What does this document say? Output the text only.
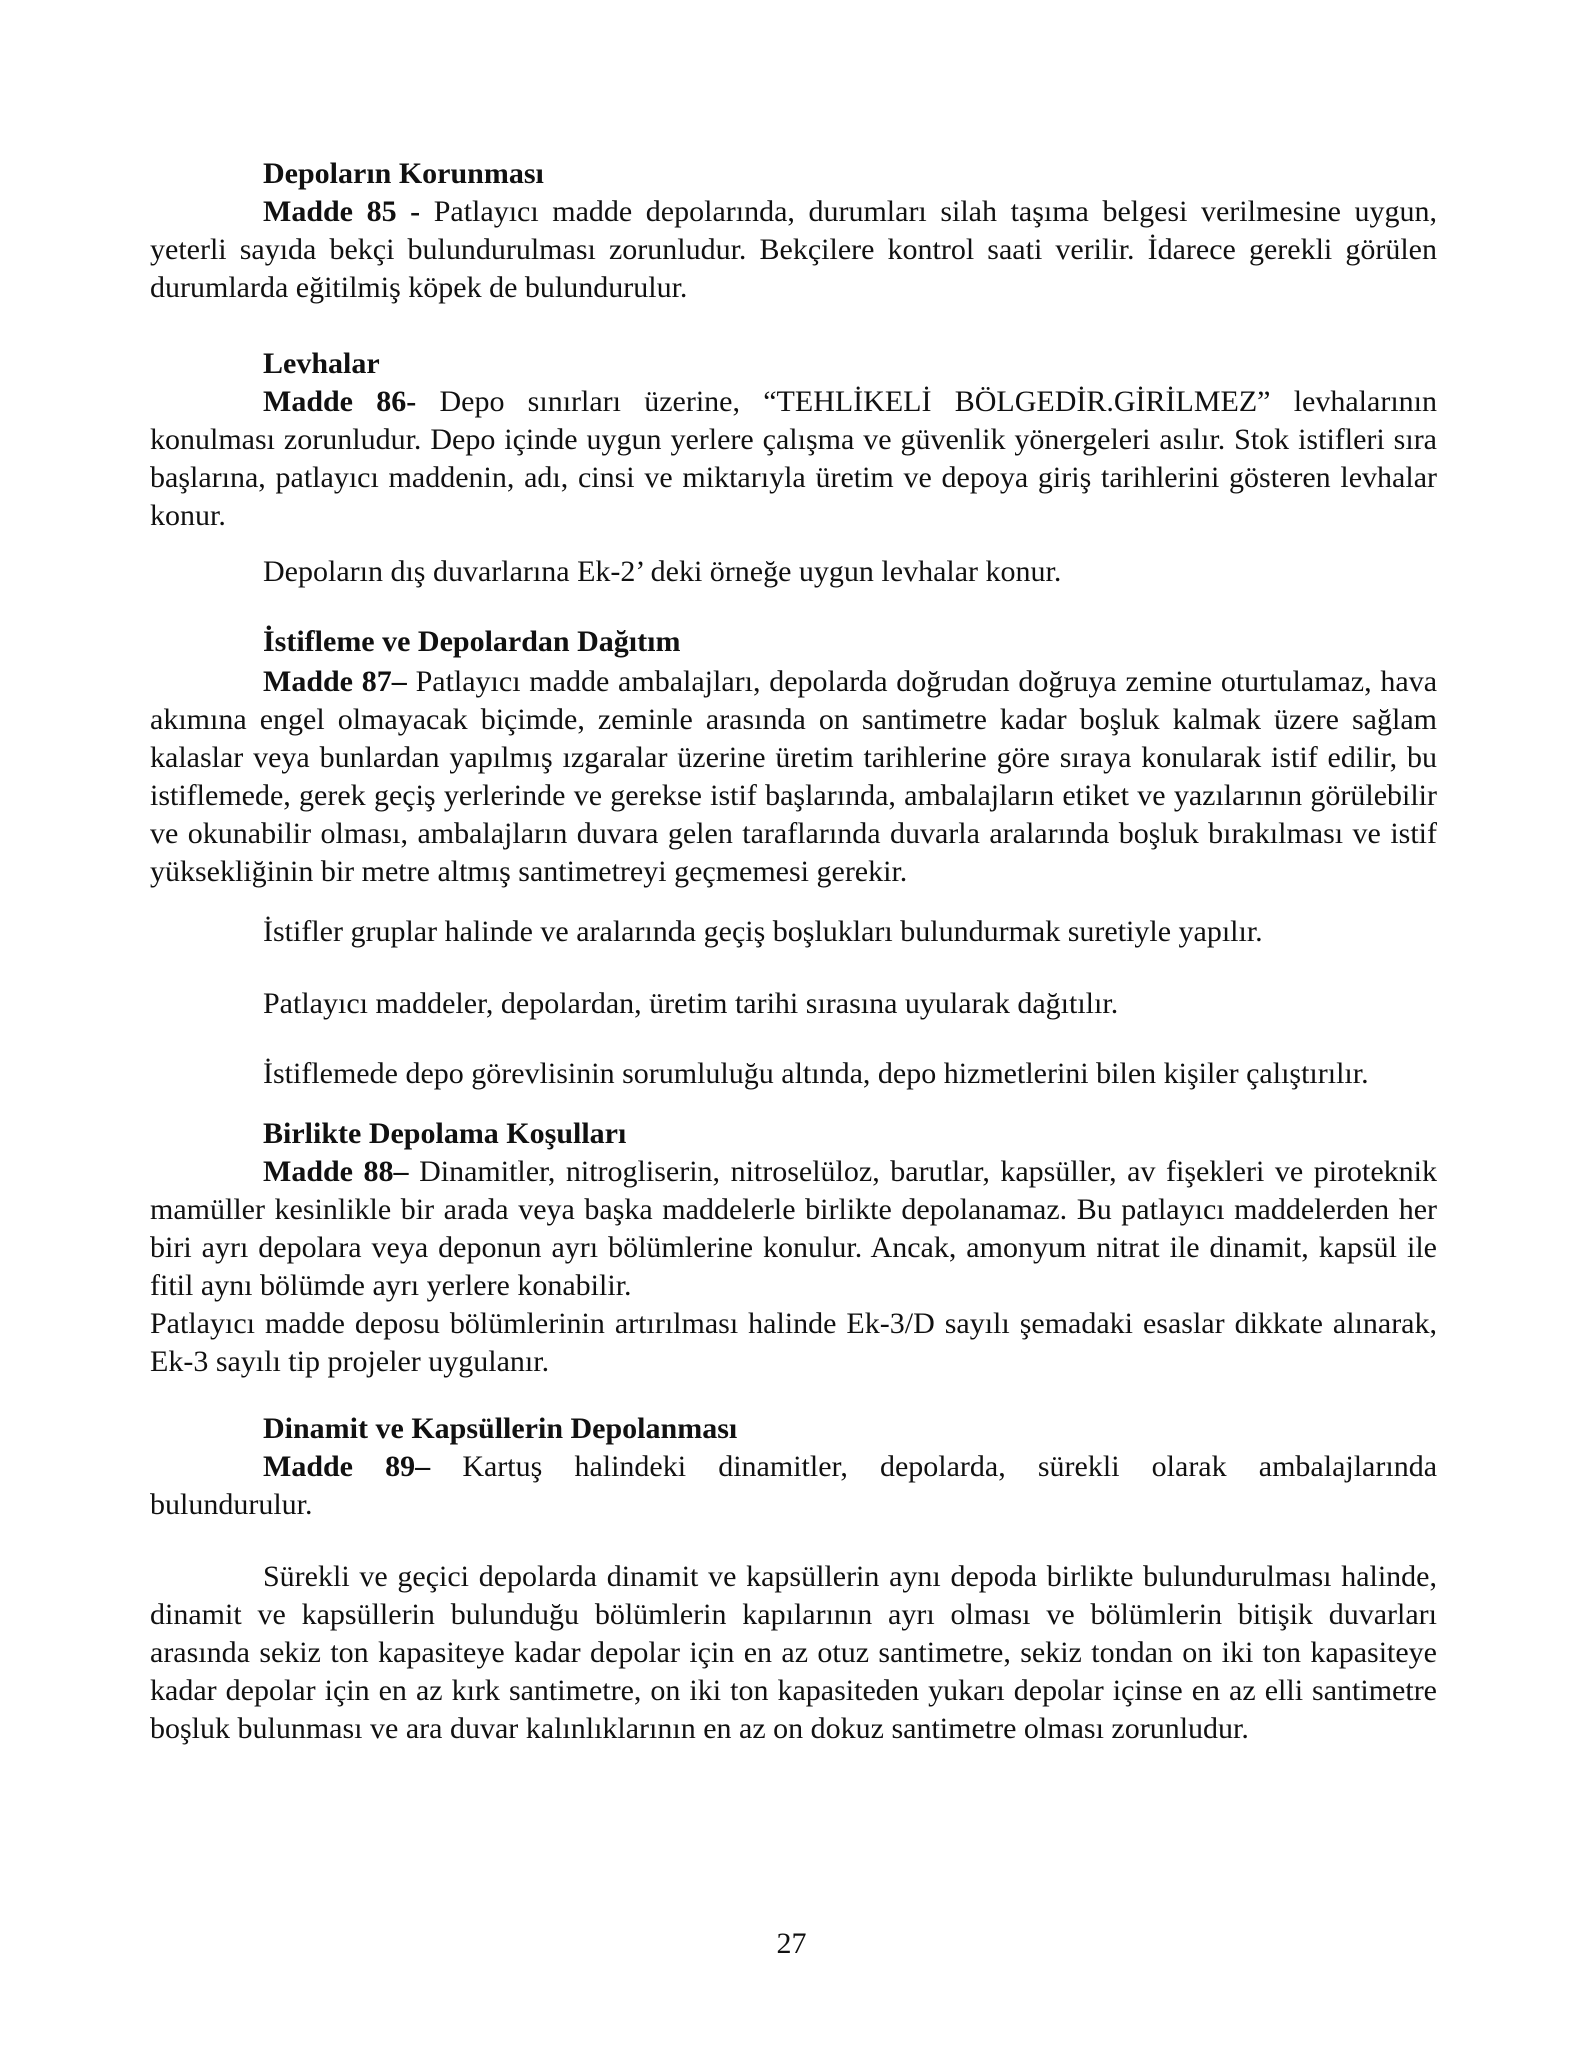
Depoların Korunması

Madde 85 - Patlayıcı madde depolarında, durumları silah taşıma belgesi verilmesine uygun, yeterli sayıda bekçi bulundurulması zorunludur. Bekçilere kontrol saati verilir. İdarece gerekli görülen durumlarda eğitilmiş köpek de bulundurulur.

Levhalar

Madde 86- Depo sınırları üzerine, “TEHLİKELİ BÖLGEDİR.GİRİLMEZ” levhalarının konulması zorunludur. Depo içinde uygun yerlere çalışma ve güvenlik yönergeleri asılır. Stok istifleri sıra başlarına, patlayıcı maddenin, adı, cinsi ve miktarıyla üretim ve depoya giriş tarihlerini gösteren levhalar konur.

Depoların dış duvarlarına Ek-2’ deki örneğe uygun levhalar konur.

İstifleme ve Depolardan Dağıtım

Madde 87– Patlayıcı madde ambalajları, depolarda doğrudan doğruya zemine oturtulamaz, hava akımına engel olmayacak biçimde, zeminle arasında on santimetre kadar boşluk kalmak üzere sağlam kalaslar veya bunlardan yapılmış ızgaralar üzerine üretim tarihlerine göre sıraya konularak istif edilir, bu istiflemede, gerek geçiş yerlerinde ve gerekse istif başlarında, ambalajların etiket ve yazılarının görülebilir ve okunabilir olması, ambalajların duvara gelen taraflarında duvarla aralarında boşluk bırakılması ve istif yüksekliğinin bir metre altmış santimetreyi geçmemesi gerekir.

İstifler gruplar halinde ve aralarında geçiş boşlukları bulundurmak suretiyle yapılır.

Patlayıcı maddeler, depolardan, üretim tarihi sırasına uyularak dağıtılır.

İstiflemede depo görevlisinin sorumluluğu altında, depo hizmetlerini bilen kişiler çalıştırılır.

Birlikte Depolama Koşulları

Madde 88– Dinamitler, nitrogliserin, nitroselüloz, barutlar, kapsüller, av fişekleri ve piroteknik mamüller kesinlikle bir arada veya başka maddelerle birlikte depolanamaz. Bu patlayıcı maddelerden her biri ayrı depolara veya deponun ayrı bölümlerine konulur. Ancak, amonyum nitrat ile dinamit, kapsül ile fitil aynı bölümde ayrı yerlere konabilir.

Patlayıcı madde deposu bölümlerinin artırılması halinde Ek-3/D sayılı şemadaki esaslar dikkate alınarak, Ek-3 sayılı tip projeler uygulanır.

Dinamit ve Kapsüllerin Depolanması

Madde 89– Kartuş halindeki dinamitler, depolarda, sürekli olarak ambalajlarında
bulundurulur.

Sürekli ve geçici depolarda dinamit ve kapsüllerin aynı depoda birlikte bulundurulması halinde, dinamit ve kapsüllerin bulunduğu bölümlerin kapılarının ayrı olması ve bölümlerin bitişik duvarları arasında sekiz ton kapasiteye kadar depolar için en az otuz santimetre, sekiz tondan on iki ton kapasiteye kadar depolar için en az kırk santimetre, on iki ton kapasiteden yukarı depolar içinse en az elli santimetre boşluk bulunması ve ara duvar kalınlıklarının en az on dokuz santimetre olması zorunludur.

27
